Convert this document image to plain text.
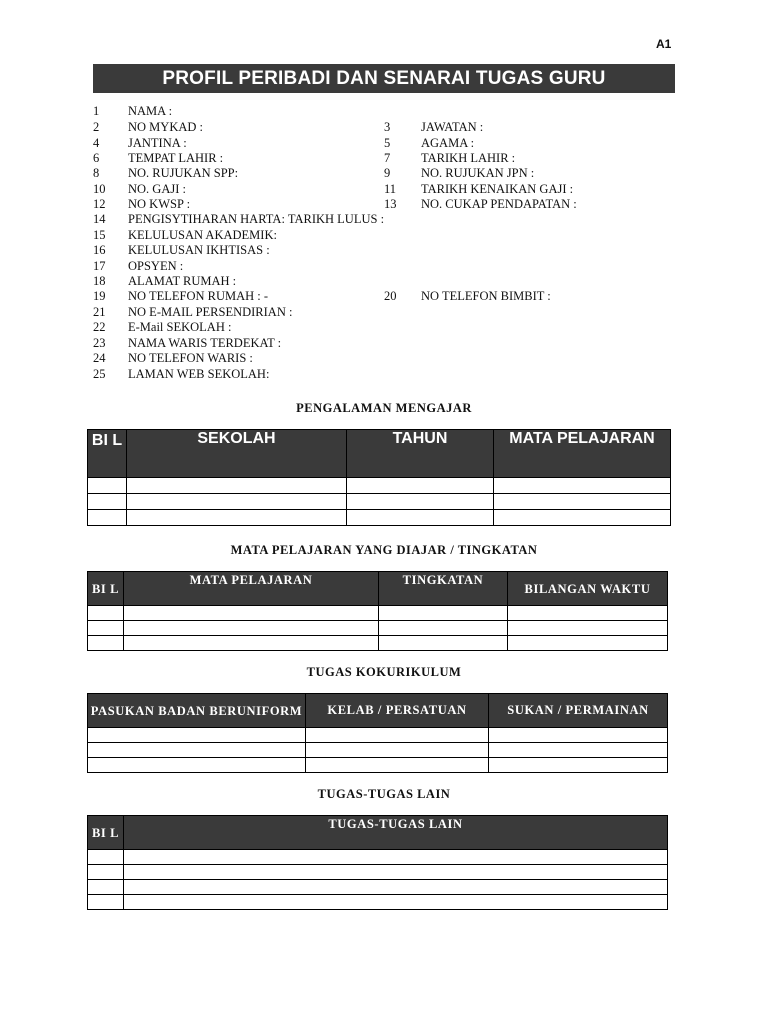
A1
PROFIL PERIBADI DAN SENARAI TUGAS GURU
1 NAMA :
2 NO MYKAD :	3 JAWATAN :
4 JANTINA :	5 AGAMA :
6 TEMPAT LAHIR :	7 TARIKH LAHIR :
8 NO. RUJUKAN SPP:	9 NO. RUJUKAN JPN :
10 NO. GAJI :	11 TARIKH KENAIKAN GAJI :
12 NO KWSP :	13 NO. CUKAP PENDAPATAN :
14 PENGISYTIHARAN HARTA: TARIKH LULUS :
15 KELULUSAN AKADEMIK:
16 KELULUSAN IKHTISAS :
17 OPSYEN :
18 ALAMAT RUMAH :
19 NO TELEFON RUMAH : -	20 NO TELEFON BIMBIT :
21 NO E-MAIL PERSENDIRIAN :
22 E-Mail SEKOLAH :
23 NAMA WARIS TERDEKAT :
24 NO TELEFON WARIS :
25 LAMAN WEB SEKOLAH:
PENGALAMAN MENGAJAR
BI L	SEKOLAH	TAHUN	MATA PELAJARAN

MATA PELAJARAN YANG DIAJAR / TINGKATAN
BI L	MATA PELAJARAN	TINGKATAN	BILANGAN WAKTU

TUGAS KOKURIKULUM
PASUKAN BADAN BERUNIFORM	KELAB / PERSATUAN	SUKAN / PERMAINAN

TUGAS-TUGAS LAIN
BI L	TUGAS-TUGAS LAIN
